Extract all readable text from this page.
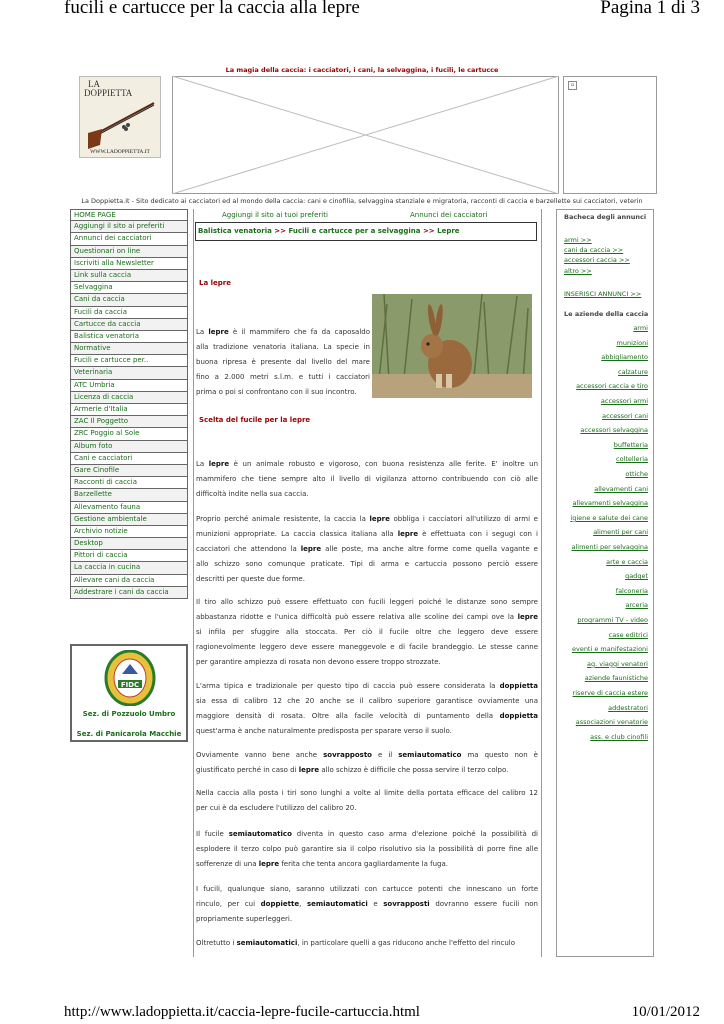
fucili e cartucce per la caccia alla lepre	Pagina 1 di 3
La magia della caccia: i cacciatori, i cani, la selvaggina, i fucili, le cartucce
LA
DOPPIETTA
WWW.LADOPPIETTA.IT
▫
La Doppietta.it - Sito dedicato ai cacciatori ed al mondo della caccia: cani e cinofilia, selvaggina stanziale e migratoria, racconti di caccia e barzellette sui cacciatori, veterin
HOME PAGE
Aggiungi il sito ai preferiti
Annunci dei cacciatori
Questionari on line
Iscriviti alla Newsletter
Link sulla caccia
Selvaggina
Cani da caccia
Fucili da caccia
Cartucce da caccia
Balistica venatoria
Normative
Fucili e cartucce per..
Veterinaria
ATC Umbria
Licenza di caccia
Armerie d'Italia
ZAC Il Poggetto
ZRC Poggio al Sole
Album foto
Cani e cacciatori
Gare Cinofile
Racconti di caccia
Barzellette
Allevamento fauna
Gestione ambientale
Archivio notizie
Desktop
Pittori di caccia
La caccia in cucina
Allevare cani da caccia
Addestrare i cani da caccia
FIDC
Sez. di Pozzuolo Umbro
Sez. di Panicarola Macchie
Aggiungi il sito ai tuoi preferiti	Annunci dei cacciatori
Balistica venatoria >> Fucili e cartucce per a selvaggina >> Lepre
La lepre
La lepre è il mammifero che fa da caposaldo
alla tradizione venatoria italiana. La specie in
buona ripresa è presente dal livello del mare
fino a 2.000 metri s.l.m. e tutti i cacciatori
prima o poi si confrontano con il suo incontro.
Scelta del fucile per la lepre
La lepre è un animale robusto e vigoroso, con buona resistenza alle ferite. E' inoltre un
mammifero che tiene sempre alto il livello di vigilanza attorno contribuendo con ciò alle
difficoltà indite nella sua caccia.
Proprio perché animale resistente, la caccia la lepre obbliga i cacciatori all'utilizzo di armi e
munizioni appropriate. La caccia classica italiana alla lepre è effettuata con i segugi con i
cacciatori che attendono la lepre alle poste, ma anche altre forme come quella vagante e
allo schizzo sono comunque praticate. Tipi di arma e cartuccia possono perciò essere
descritti per queste due forme.
Il tiro allo schizzo può essere effettuato con fucili leggeri poiché le distanze sono sempre
abbastanza ridotte e l'unica difficoltà può essere relativa alle scoline dei campi ove la lepre
si infila per sfuggire alla stoccata. Per ciò il fucile oltre che leggero deve essere
ragionevolmente leggero deve essere maneggevole e di facile brandeggio. Le stesse canne
per garantire ampiezza di rosata non devono essere troppo strozzate.
L'arma tipica e tradizionale per questo tipo di caccia può essere considerata la doppietta
sia essa di calibro 12 che 20 anche se il calibro superiore garantisce ovviamente una
maggiore densità di rosata. Oltre alla facile velocità di puntamento della doppietta
quest'arma è anche naturalmente predisposta per sparare verso il suolo.
Ovviamente vanno bene anche sovrapposto e il semiautomatico ma questo non è
giustificato perché in caso di lepre allo schizzo è difficile che possa servire il terzo colpo.
Nella caccia alla posta i tiri sono lunghi a volte al limite della portata efficace del calibro 12
per cui è da escludere l'utilizzo del calibro 20.
Il fucile semiautomatico diventa in questo caso arma d'elezione poiché la possibilità di
esplodere il terzo colpo può garantire sia il colpo risolutivo sia la possibilità di porre fine alle
sofferenze di una lepre ferita che tenta ancora gagliardamente la fuga.
I fucili, qualunque siano, saranno utilizzati con cartucce potenti che innescano un forte
rinculo, per cui doppiette, semiautomatici e sovrapposti dovranno essere fucili non
propriamente superleggeri.
Oltretutto i semiautomatici, in particolare quelli a gas riducono anche l'effetto del rinculo
Bacheca degli annunci
armi >>
cani da caccia >>
accessori caccia >>
altro >>
INSERISCI ANNUNCI >>
Le aziende della caccia
armi
munizioni
abbigliamento
calzature
accessori caccia e tiro
accessori armi
accessori cani
accessori selvaggina
buffetteria
coltelleria
ottiche
allevamenti cani
allevamenti selvaggina
igiene e salute dei cane
alimenti per cani
alimenti per selvaggina
arte e caccia
gadget
falconeria
arceria
programmi TV - video
case editrici
eventi e manifestazioni
ag. viaggi venatori
aziende faunistiche
riserve di caccia estere
addestratori
associazioni venatorie
ass. e club cinofili
http://www.ladoppietta.it/caccia-lepre-fucile-cartuccia.html	10/01/2012
